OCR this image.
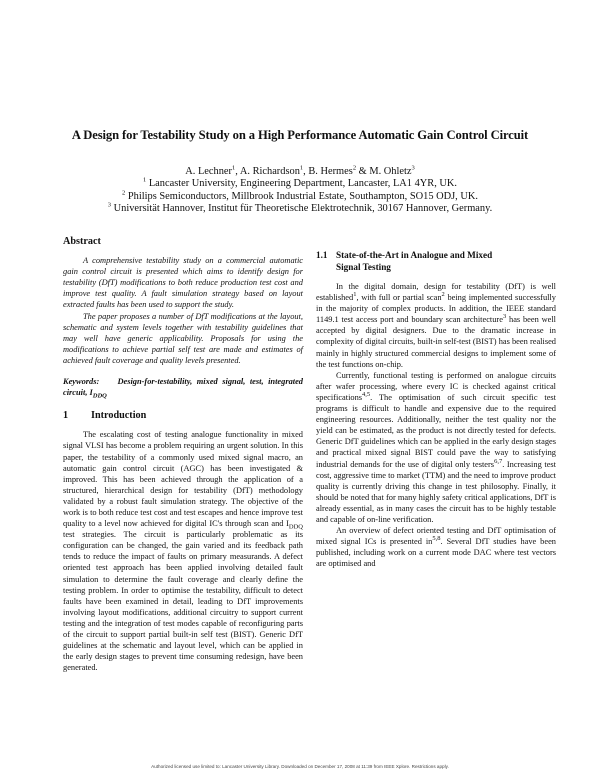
A Design for Testability Study on a High Performance Automatic Gain Control Circuit
A. Lechner$^1$, A. Richardson$^1$, B. Hermes$^2$ & M. Ohletz$^3$
$^1$ Lancaster University, Engineering Department, Lancaster, LA1 4YR, UK.
$^2$ Philips Semiconductors, Millbrook Industrial Estate, Southampton, SO15 ODJ, UK.
$^3$ Universität Hannover, Institut für Theoretische Elektrotechnik, 30167 Hannover, Germany.
Abstract

A comprehensive testability study on a commercial automatic gain control circuit is presented which aims to identify design for testability (DfT) modifications to both reduce production test cost and improve test quality. A fault simulation strategy based on layout extracted faults has been used to support the study.

The paper proposes a number of DfT modifications at the layout, schematic and system levels together with testability guidelines that may well have generic applicability. Proposals for using the modifications to achieve partial self test are made and estimates of achieved fault coverage and quality levels presented.

Keywords: Design-for-testability, mixed signal, test, integrated circuit, $I_{DDQ}$

1	Introduction

The escalating cost of testing analogue functionality in mixed signal VLSI has become a problem requiring an urgent solution. In this paper, the testability of a commonly used mixed signal macro, an automatic gain control circuit (AGC) has been investigated & improved. This has been achieved through the application of a structured, hierarchical design for testability (DfT) methodology validated by a robust fault simulation strategy. The objective of the work is to both reduce test cost and test escapes and hence improve test quality to a level now achieved for digital IC's through scan and $I_{DDQ}$ test strategies. The circuit is particularly problematic as its configuration can be changed, the gain varied and its feedback path tends to reduce the impact of faults on primary measurands. A defect oriented test approach has been applied involving detailed fault simulation to determine the fault coverage and clearly define the testing problem. In order to optimise the testability, difficult to detect faults have been examined in detail, leading to DfT improvements involving layout modifications, additional circuitry to support current testing and the integration of test modes capable of reconfiguring parts of the circuit to support partial built-in self test (BIST). Generic DfT guidelines at the schematic and layout level, which can be applied in the early design stages to prevent time consuming redesign, have been generated.

1.1 State-of-the-Art in Analogue and Mixed
Signal Testing

In the digital domain, design for testability (DfT) is well established$^1$, with full or partial scan$^2$ being implemented successfully in the majority of complex products. In addition, the IEEE standard 1149.1 test access port and boundary scan architecture$^3$ has been well accepted by digital designers. Due to the dramatic increase in complexity of digital circuits, built-in self-test (BIST) has been realised mainly in highly structured commercial designs to implement some of the test functions on-chip.

Currently, functional testing is performed on analogue circuits after wafer processing, where every IC is checked against critical specifications$^{4,5}$. The optimisation of such circuit specific test programs is difficult to handle and expensive due to the required engineering resources. Additionally, neither the test quality nor the yield can be estimated, as the product is not directly tested for defects. Generic DfT guidelines which can be applied in the early design stages and practical mixed signal BIST could pave the way to satisfying industrial demands for the use of digital only testers$^{6,7}$. Increasing test cost, aggressive time to market (TTM) and the need to improve product quality is currently driving this change in test philosophy. Finally, it should be noted that for many highly safety critical applications, DfT is already essential, as in many cases the circuit has to be highly testable and capable of on-line verification.

An overview of defect oriented testing and DfT optimisation of mixed signal ICs is presented in$^{5,8}$. Several DfT studies have been published, including work on a current mode DAC where test vectors are optimised and

Authorized licensed use limited to: Lancaster University Library. Downloaded on December 17, 2008 at 11:39 from IEEE Xplore. Restrictions apply.
